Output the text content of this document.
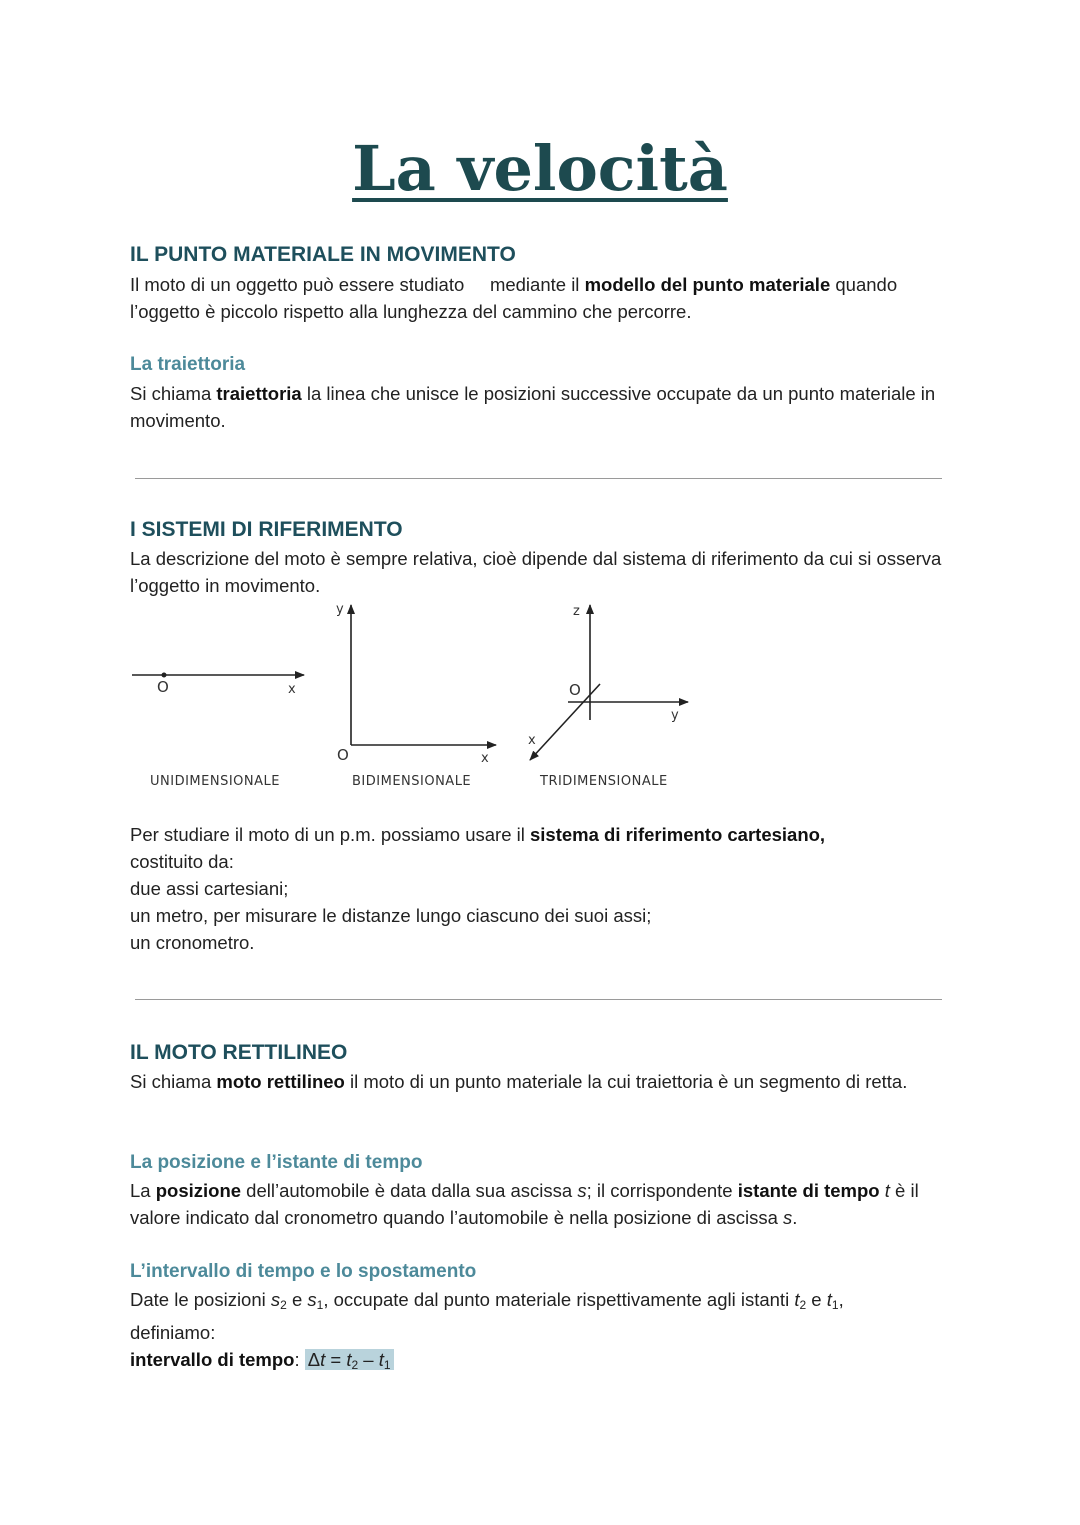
La velocità
IL PUNTO MATERIALE IN MOVIMENTO

Il moto di un oggetto può essere studiato     mediante il modello del punto materiale quando l’oggetto è piccolo rispetto alla lunghezza del cammino che percorre.

La traiettoria

Si chiama traiettoria la linea che unisce le posizioni successive occupate da un punto materiale in movimento.

I SISTEMI DI RIFERIMENTO

La descrizione del moto è sempre relativa, cioè dipende dal sistema di riferimento da cui si osserva l’oggetto in movimento.

O	x
UNIDIMENSIONALE
y
O	x
BIDIMENSIONALE
z
O
y
x
TRIDIMENSIONALE

Per studiare il moto di un p.m. possiamo usare il sistema di riferimento cartesiano,
costituito da:
due assi cartesiani;
un metro, per misurare le distanze lungo ciascuno dei suoi assi;
un cronometro.

IL MOTO RETTILINEO

Si chiama moto rettilineo il moto di un punto materiale la cui traiettoria è un segmento di retta.

La posizione e l’istante di tempo

La posizione dell’automobile è data dalla sua ascissa s; il corrispondente istante di tempo t è il valore indicato dal cronometro quando l’automobile è nella posizione di ascissa s.

L’intervallo di tempo e lo spostamento

Date le posizioni $s_2$ e $s_1$, occupate dal punto materiale rispettivamente agli istanti $t_2$ e $t_1$,
definiamo:
intervallo di tempo: $\Delta t = t_2 - t_1$
